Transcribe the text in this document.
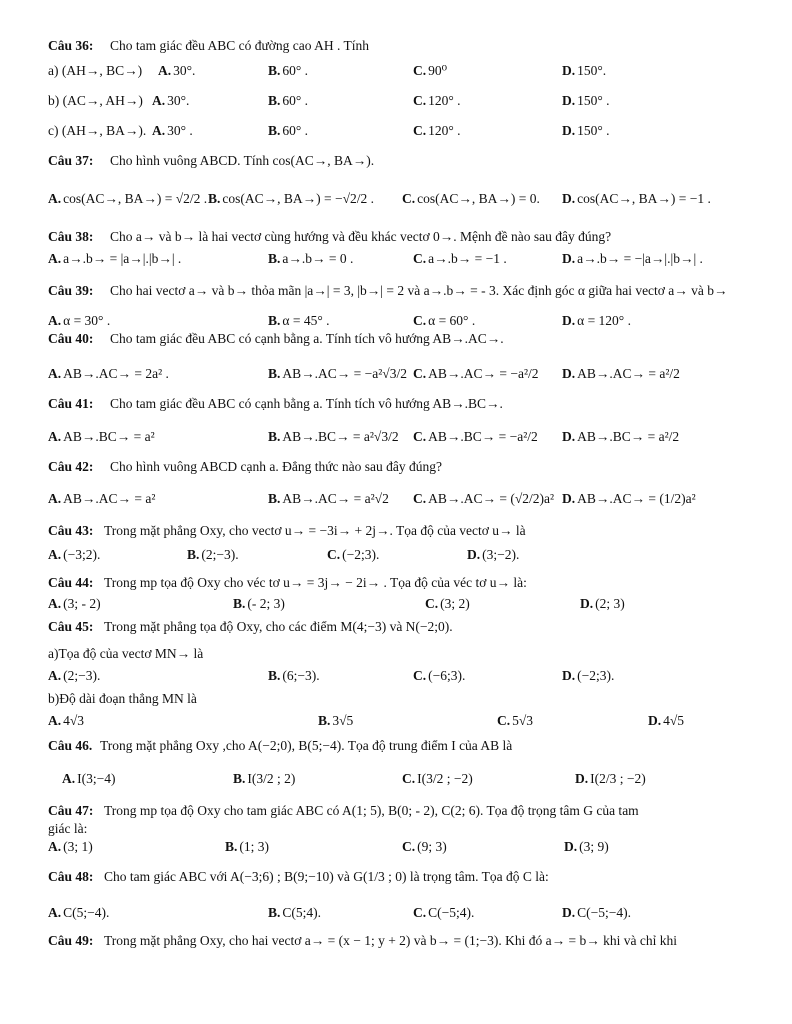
Câu 36: Cho tam giác đều ABC có đường cao AH . Tính
a) (AH→, BC→) A. 30°.	B. 60° .	C. 90⁰	D. 150°.
b) (AC→, AH→) A. 30°.	B. 60° .	C. 120° .	D. 150° .
c) (AH→, BA→). A. 30° .	B. 60° .	C. 120° .	D. 150° .
Câu 37: Cho hình vuông ABCD. Tính cos(AC→, BA→).
A. cos(AC→, BA→) = √2/2 . B. cos(AC→, BA→) = −√2/2 . C. cos(AC→, BA→) = 0. D. cos(AC→, BA→) = −1 .
Câu 38: Cho a→ và b→ là hai vectơ cùng hướng và đều khác vectơ 0→. Mệnh đề nào sau đây đúng?
A. a→.b→ = |a→|.|b→| .	B. a→.b→ = 0 .	C. a→.b→ = −1 .	D. a→.b→ = −|a→|.|b→| .
Câu 39: Cho hai vectơ a→ và b→ thỏa mãn |a→| = 3, |b→| = 2 và a→.b→ = - 3. Xác định góc α giữa hai vectơ a→ và b→
A. α = 30° .	B. α = 45° .	C. α = 60° .	D. α = 120° .
Câu 40: Cho tam giác đều ABC có cạnh bằng a. Tính tích vô hướng AB→.AC→.
A. AB→.AC→ = 2a² .	B. AB→.AC→ = −a²√3/2 C. AB→.AC→ = −a²/2 D. AB→.AC→ = a²/2
Câu 41: Cho tam giác đều ABC có cạnh bằng a. Tính tích vô hướng AB→.BC→.
A. AB→.BC→ = a²	B. AB→.BC→ = a²√3/2 C. AB→.BC→ = −a²/2 D. AB→.BC→ = a²/2
Câu 42: Cho hình vuông ABCD cạnh a. Đẳng thức nào sau đây đúng?
A. AB→.AC→ = a²	B. AB→.AC→ = a²√2 C. AB→.AC→ = (√2/2)a² D. AB→.AC→ = (1/2)a²
Câu 43: Trong mặt phẳng Oxy, cho vectơ u→ = −3i→ + 2j→. Tọa độ của vectơ u→ là
A. (−3;2).	B. (2;−3).	C. (−2;3).	D. (3;−2).
Câu 44: Trong mp tọa độ Oxy cho véc tơ u→ = 3j→ − 2i→ . Tọa độ của véc tơ u→ là:
A. (3; - 2)	B. (- 2; 3)	C. (3; 2)	D. (2; 3)
Câu 45: Trong mặt phẳng tọa độ Oxy, cho các điểm M(4;−3) và N(−2;0).
a)Tọa độ của vectơ MN→ là
A. (2;−3).	B. (6;−3).	C. (−6;3).	D. (−2;3).
b)Độ dài đoạn thẳng MN là
A. 4√3	B. 3√5	C. 5√3	D. 4√5
Câu 46. Trong mặt phẳng Oxy ,cho A(−2;0), B(5;−4). Tọa độ trung điểm I của AB là
A. I(3;−4)	B. I(3/2 ; 2)	C. I(3/2 ; −2)	D. I(2/3 ; −2)
Câu 47: Trong mp tọa độ Oxy cho tam giác ABC có A(1; 5), B(0; - 2), C(2; 6). Tọa độ trọng tâm G của tam
giác là:
A. (3; 1)	B. (1; 3)	C. (9; 3)	D. (3; 9)
Câu 48: Cho tam giác ABC với A(−3;6) ; B(9;−10) và G(1/3 ; 0) là trọng tâm. Tọa độ C là:
A. C(5;−4).	B. C(5;4).	C. C(−5;4).	D. C(−5;−4).
Câu 49: Trong mặt phẳng Oxy, cho hai vectơ a→ = (x − 1; y + 2) và b→ = (1;−3). Khi đó a→ = b→ khi và chỉ khi
